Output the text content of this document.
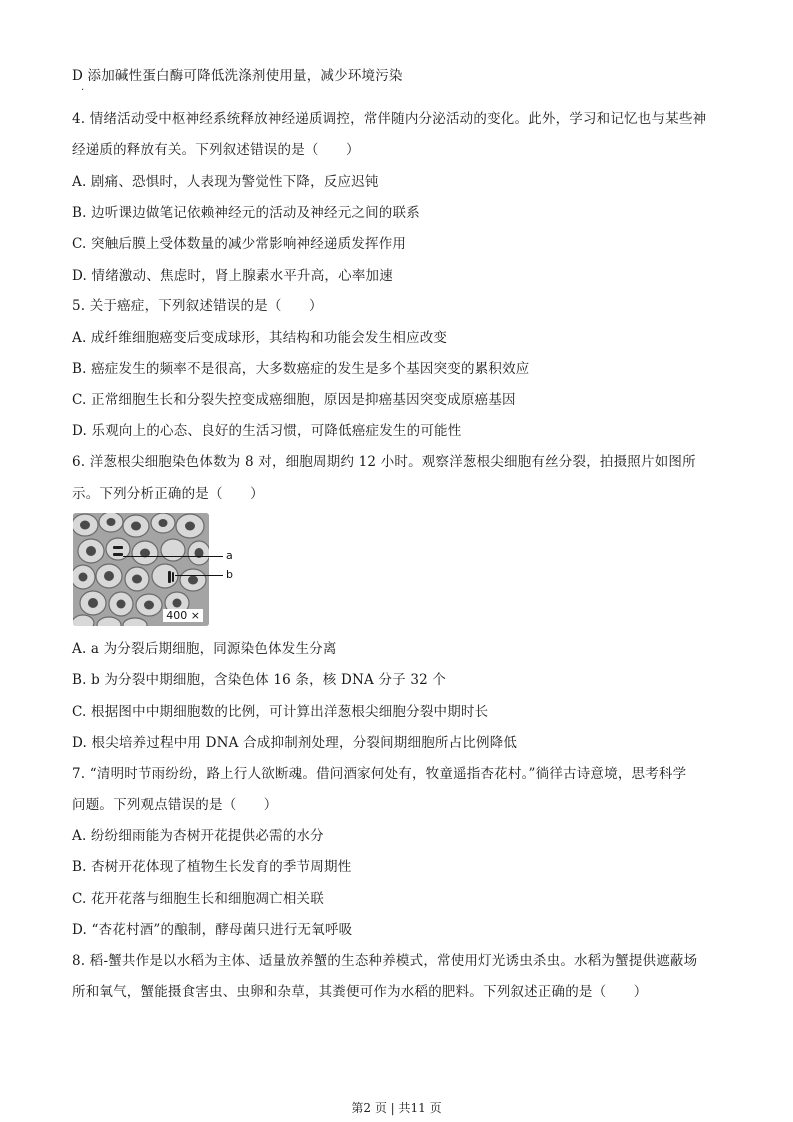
·
D 添加碱性蛋白酶可降低洗涤剂使用量，减少环境污染
4. 情绪活动受中枢神经系统释放神经递质调控，常伴随内分泌活动的变化。此外，学习和记忆也与某些神
经递质的释放有关。下列叙述错误的是（　　）
A. 剧痛、恐惧时，人表现为警觉性下降，反应迟钝
B. 边听课边做笔记依赖神经元的活动及神经元之间的联系
C. 突触后膜上受体数量的减少常影响神经递质发挥作用
D. 情绪激动、焦虑时，肾上腺素水平升高，心率加速
5. 关于癌症，下列叙述错误的是（　　）
A. 成纤维细胞癌变后变成球形，其结构和功能会发生相应改变
B. 癌症发生的频率不是很高，大多数癌症的发生是多个基因突变的累积效应
C. 正常细胞生长和分裂失控变成癌细胞，原因是抑癌基因突变成原癌基因
D. 乐观向上的心态、良好的生活习惯，可降低癌症发生的可能性
6. 洋葱根尖细胞染色体数为 8 对，细胞周期约 12 小时。观察洋葱根尖细胞有丝分裂，拍摄照片如图所
示。下列分析正确的是（　　）
400 ×
a
b
A. a 为分裂后期细胞，同源染色体发生分离
B. b 为分裂中期细胞，含染色体 16 条，核 DNA 分子 32 个
C. 根据图中中期细胞数的比例，可计算出洋葱根尖细胞分裂中期时长
D. 根尖培养过程中用 DNA 合成抑制剂处理，分裂间期细胞所占比例降低
7. “清明时节雨纷纷，路上行人欲断魂。借问酒家何处有，牧童遥指杏花村。”徜徉古诗意境，思考科学
问题。下列观点错误的是（　　）
A. 纷纷细雨能为杏树开花提供必需的水分
B. 杏树开花体现了植物生长发育的季节周期性
C. 花开花落与细胞生长和细胞凋亡相关联
D. “杏花村酒”的酿制，酵母菌只进行无氧呼吸
8. 稻-蟹共作是以水稻为主体、适量放养蟹的生态种养模式，常使用灯光诱虫杀虫。水稻为蟹提供遮蔽场
所和氧气，蟹能摄食害虫、虫卵和杂草，其粪便可作为水稻的肥料。下列叙述正确的是（　　）
第2 页 | 共11 页
